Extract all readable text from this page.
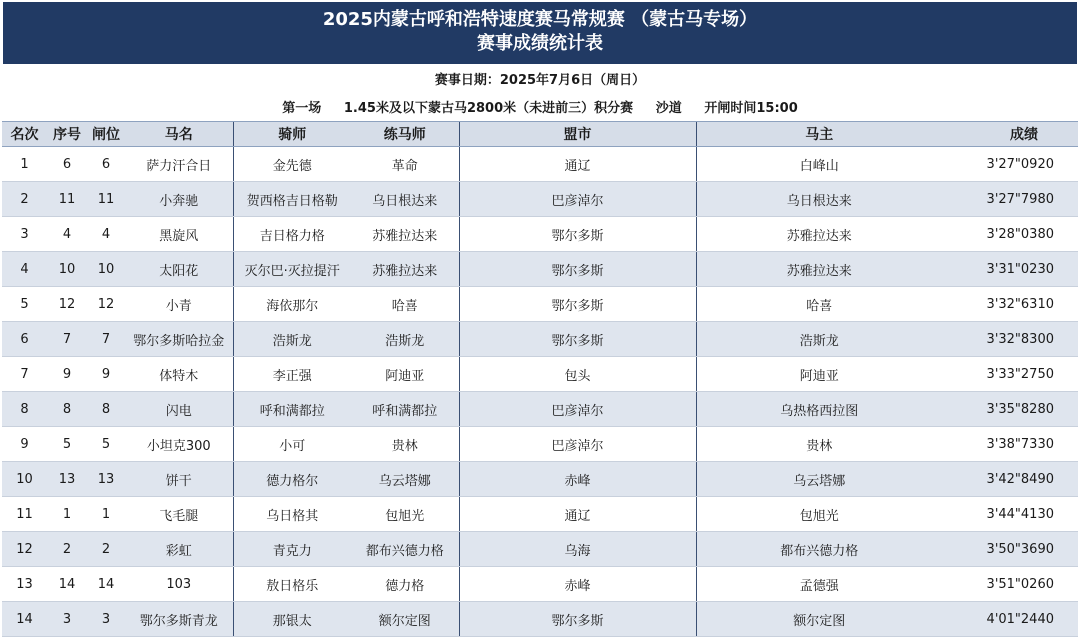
2025内蒙古呼和浩特速度赛马常规赛 （蒙古马专场）
赛事成绩统计表
赛事日期：2025年7月6日（周日）
第一场     1.45米及以下蒙古马2800米（未进前三）积分赛     沙道     开闸时间15:00
名次	序号	闸位	马名	骑师	练马师	盟市	马主	成绩
1	6	6	萨力汗合日	金先德	革命	通辽	白峰山	3'27"0920
2	11	11	小奔驰	贺西格吉日格勒	乌日根达来	巴彦淖尔	乌日根达来	3'27"7980
3	4	4	黑旋风	吉日格力格	苏雅拉达来	鄂尔多斯	苏雅拉达来	3'28"0380
4	10	10	太阳花	灭尔巴·灭拉提汗	苏雅拉达来	鄂尔多斯	苏雅拉达来	3'31"0230
5	12	12	小青	海依那尔	哈喜	鄂尔多斯	哈喜	3'32"6310
6	7	7	鄂尔多斯哈拉金	浩斯龙	浩斯龙	鄂尔多斯	浩斯龙	3'32"8300
7	9	9	体特木	李正强	阿迪亚	包头	阿迪亚	3'33"2750
8	8	8	闪电	呼和满都拉	呼和满都拉	巴彦淖尔	乌热格西拉图	3'35"8280
9	5	5	小坦克300	小可	贵林	巴彦淖尔	贵林	3'38"7330
10	13	13	饼干	德力格尔	乌云塔娜	赤峰	乌云塔娜	3'42"8490
11	1	1	飞毛腿	乌日格其	包旭光	通辽	包旭光	3'44"4130
12	2	2	彩虹	青克力	都布兴德力格	乌海	都布兴德力格	3'50"3690
13	14	14	103	敖日格乐	德力格	赤峰	孟德强	3'51"0260
14	3	3	鄂尔多斯青龙	那银太	额尔定图	鄂尔多斯	额尔定图	4'01"2440
